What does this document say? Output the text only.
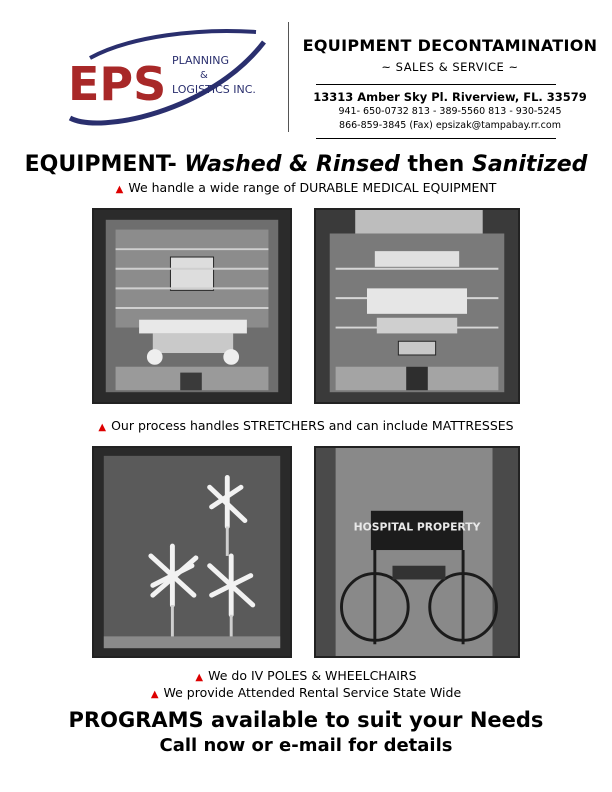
EPS PLANNING
&
LOGISTICS INC.
EQUIPMENT DECONTAMINATION
~ SALES & SERVICE ~
13313 Amber Sky Pl. Riverview, FL. 33579
941- 650-0732 813 - 389-5560 813 - 930-5245
866-859-3845 (Fax) epsizak@tampabay.rr.com
EQUIPMENT- Washed & Rinsed then Sanitized
▲ We handle a wide range of DURABLE MEDICAL EQUIPMENT
▲ Our process handles STRETCHERS and can include MATTRESSES
HOSPITAL PROPERTY
▲ We do IV POLES & WHEELCHAIRS
▲ We provide Attended Rental Service State Wide
PROGRAMS available to suit your Needs
Call now or e-mail for details
